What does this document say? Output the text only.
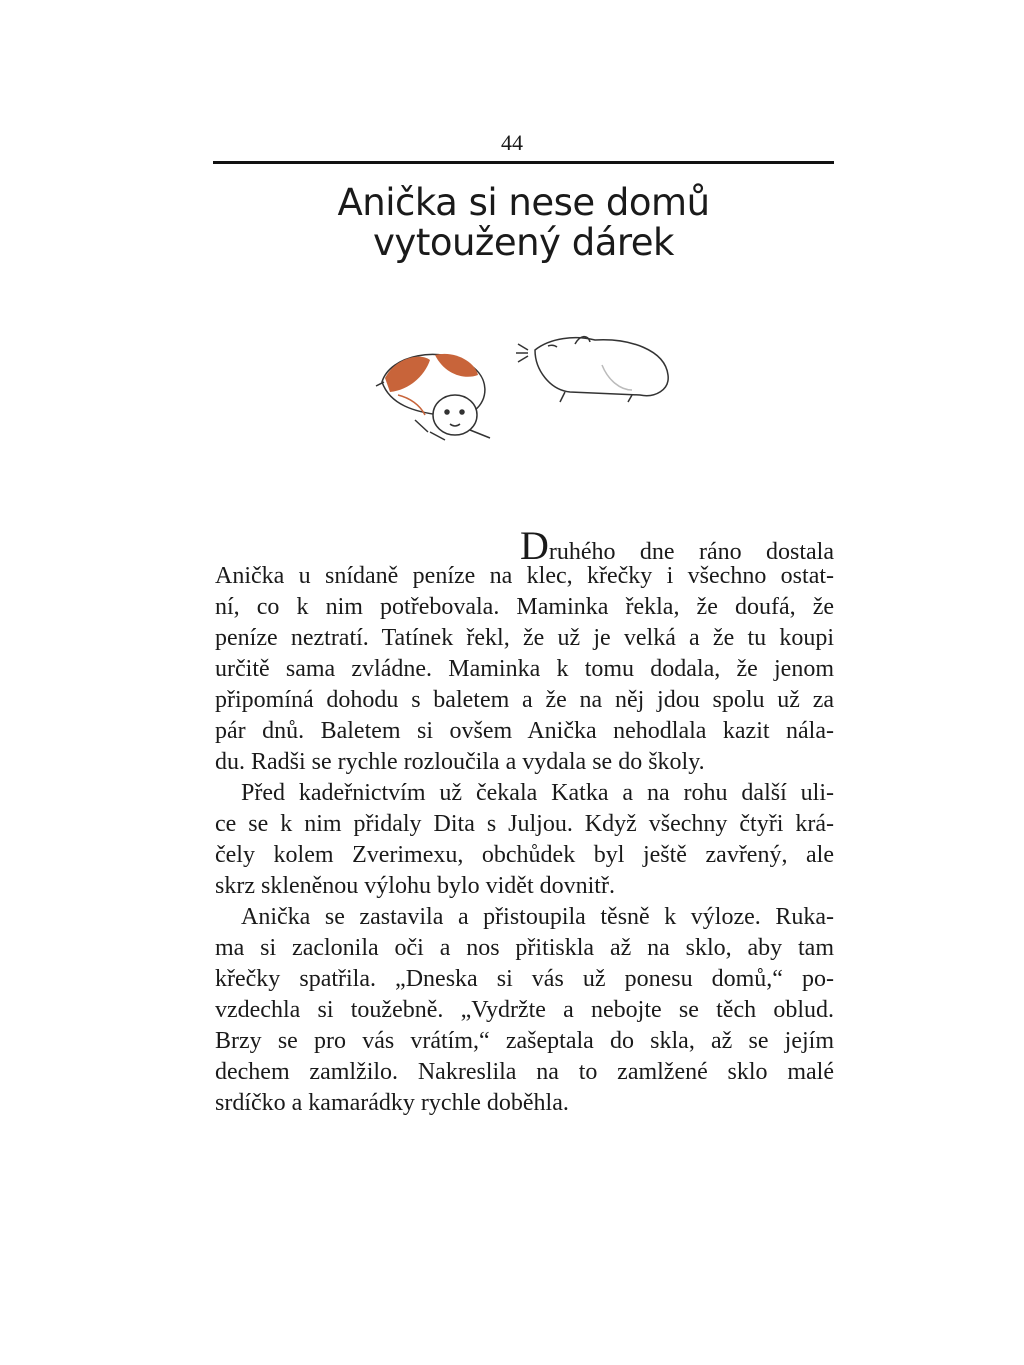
44
Anička si nese domů
vytoužený dárek
Druhého dne ráno dostala
Anička u snídaně peníze na klec, křečky i všechno ostat-
ní, co k nim potřebovala. Maminka řekla, že doufá, že
peníze neztratí. Tatínek řekl, že už je velká a že tu koupi
určitě sama zvládne. Maminka k tomu dodala, že jenom
připomíná dohodu s baletem a že na něj jdou spolu už za
pár dnů. Baletem si ovšem Anička nehodlala kazit nála-
du. Radši se rychle rozloučila a vydala se do školy.
Před kadeřnictvím už čekala Katka a na rohu další uli-
ce se k nim přidaly Dita s Juljou. Když všechny čtyři krá-
čely kolem Zverimexu, obchůdek byl ještě zavřený, ale
skrz skleněnou výlohu bylo vidět dovnitř.
Anička se zastavila a přistoupila těsně k výloze. Ruka-
ma si zaclonila oči a nos přitiskla až na sklo, aby tam
křečky spatřila. „Dneska si vás už ponesu domů,“ po-
vzdechla si toužebně. „Vydržte a nebojte se těch oblud.
Brzy se pro vás vrátím,“ zašeptala do skla, až se jejím
dechem zamlžilo. Nakreslila na to zamlžené sklo malé
srdíčko a kamarádky rychle doběhla.
